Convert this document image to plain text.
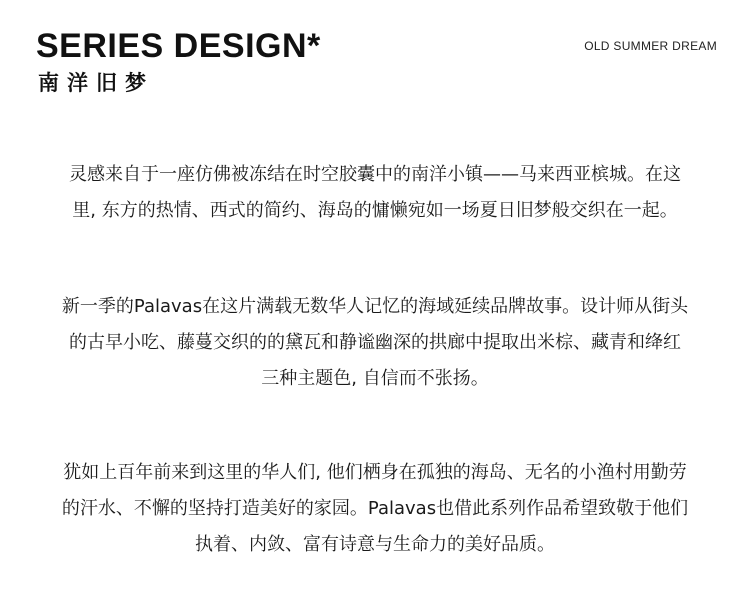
SERIES DESIGN*
南洋旧梦
OLD SUMMER DREAM

灵感来自于一座仿佛被冻结在时空胶囊中的南洋小镇——马来西亚槟城。在这
里, 东方的热情、西式的简约、海岛的慵懒宛如一场夏日旧梦般交织在一起。

新一季的Palavas在这片满载无数华人记忆的海域延续品牌故事。设计师从街头
的古早小吃、藤蔓交织的的黛瓦和静谧幽深的拱廊中提取出米棕、藏青和绛红
三种主题色, 自信而不张扬。

犹如上百年前来到这里的华人们, 他们栖身在孤独的海岛、无名的小渔村用勤劳
的汗水、不懈的坚持打造美好的家园。Palavas也借此系列作品希望致敬于他们
执着、内敛、富有诗意与生命力的美好品质。
